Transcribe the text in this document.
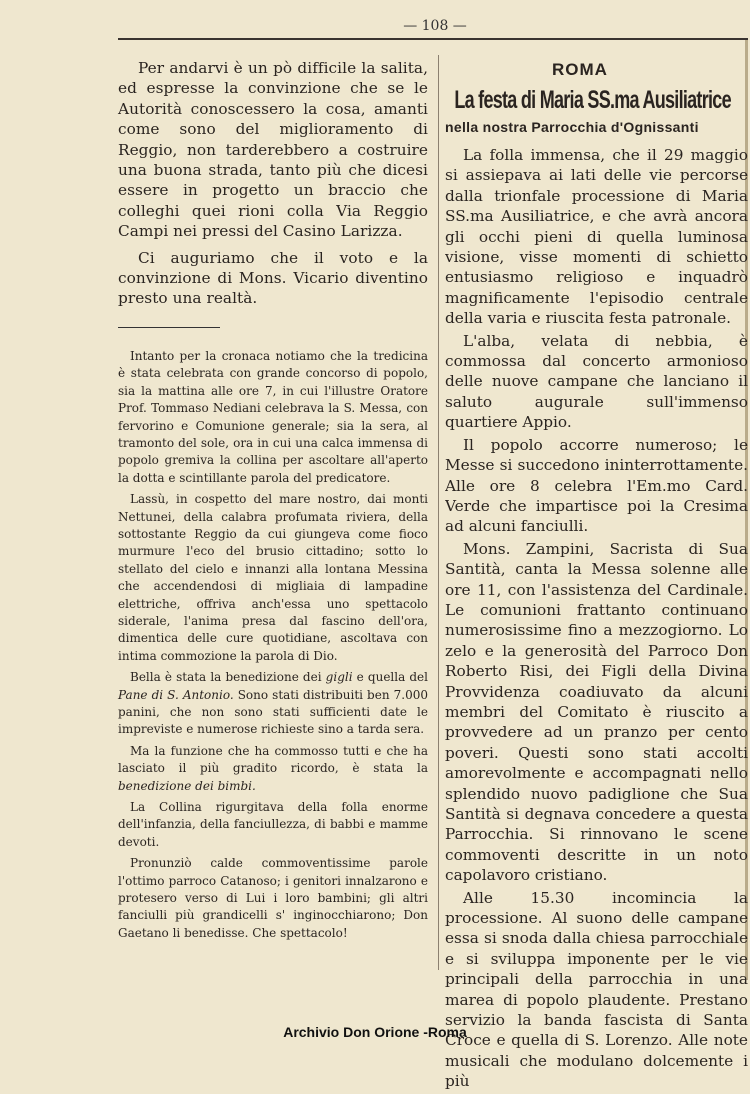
— 108 —

Per andarvi è un pò difficile la salita, ed espresse la convinzione che se le Autorità conoscessero la cosa, amanti come sono del miglioramento di Reggio, non tarderebbero a costruire una buona strada, tanto più che dicesi essere in progetto un braccio che colleghi quei rioni colla Via Reggio Campi nei pressi del Casino Larizza.

Ci auguriamo che il voto e la convinzione di Mons. Vicario diventino presto una realtà.

Intanto per la cronaca notiamo che la tredicina è stata celebrata con grande concorso di popolo, sia la mattina alle ore 7, in cui l'illustre Oratore Prof. Tommaso Nediani celebrava la S. Messa, con fervorino e Comunione generale; sia la sera, al tramonto del sole, ora in cui una calca immensa di popolo gremiva la collina per ascoltare all'aperto la dotta e scintillante parola del predicatore.

Lassù, in cospetto del mare nostro, dai monti Nettunei, della calabra profumata riviera, della sottostante Reggio da cui giungeva come fioco murmure l'eco del brusio cittadino; sotto lo stellato del cielo e innanzi alla lontana Messina che accendendosi di migliaia di lampadine elettriche, offriva anch'essa uno spettacolo siderale, l'anima presa dal fascino dell'ora, dimentica delle cure quotidiane, ascoltava con intima commozione la parola di Dio.

Bella è stata la benedizione dei gigli e quella del Pane di S. Antonio. Sono stati distribuiti ben 7.000 panini, che non sono stati sufficienti date le impreviste e numerose richieste sino a tarda sera.

Ma la funzione che ha commosso tutti e che ha lasciato il più gradito ricordo, è stata la benedizione dei bimbi.

La Collina rigurgitava della folla enorme dell'infanzia, della fanciullezza, di babbi e mamme devoti.

Pronunziò calde commoventissime parole l'ottimo parroco Catanoso; i genitori innalzarono e protesero verso di Lui i loro bambini; gli altri fanciulli più grandicelli s' inginocchiarono; Don Gaetano li benedisse. Che spettacolo!

ROMA
La festa di Maria SS.ma Ausiliatrice
nella nostra Parrocchia d'Ognissanti

La folla immensa, che il 29 maggio si assiepava ai lati delle vie percorse dalla trionfale processione di Maria SS.ma Ausiliatrice, e che avrà ancora gli occhi pieni di quella luminosa visione, visse momenti di schietto entusiasmo religioso e inquadrò magnificamente l'episodio centrale della varia e riuscita festa patronale.

L'alba, velata di nebbia, è commossa dal concerto armonioso delle nuove campane che lanciano il saluto augurale sull'immenso quartiere Appio.

Il popolo accorre numeroso; le Messe si succedono ininterrottamente. Alle ore 8 celebra l'Em.mo Card. Verde che impartisce poi la Cresima ad alcuni fanciulli.

Mons. Zampini, Sacrista di Sua Santità, canta la Messa solenne alle ore 11, con l'assistenza del Cardinale. Le comunioni frattanto continuano numerosissime fino a mezzogiorno. Lo zelo e la generosità del Parroco Don Roberto Risi, dei Figli della Divina Provvidenza coadiuvato da alcuni membri del Comitato è riuscito a provvedere ad un pranzo per cento poveri. Questi sono stati accolti amorevolmente e accompagnati nello splendido nuovo padiglione che Sua Santità si degnava concedere a questa Parrocchia. Si rinnovano le scene commoventi descritte in un noto capolavoro cristiano.

Alle 15.30 incomincia la processione. Al suono delle campane essa si snoda dalla chiesa parrocchiale e si sviluppa imponente per le vie principali della parrocchia in una marea di popolo plaudente. Prestano servizio la banda fascista di Santa Croce e quella di S. Lorenzo. Alle note musicali che modulano dolcemente i più

Archivio Don Orione -Roma
